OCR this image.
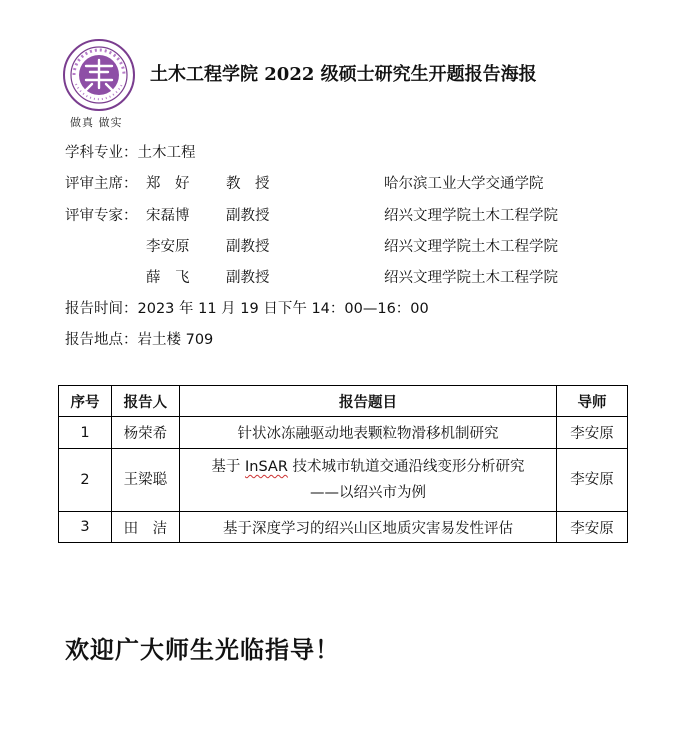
做真 做实
土木工程学院 2022 级硕士研究生开题报告海报
学科专业：土木工程
评审主席： 郑　好	教　授	哈尔滨工业大学交通学院
评审专家： 宋磊博	副教授	绍兴文理学院土木工程学院
李安原	副教授	绍兴文理学院土木工程学院
薛　飞	副教授	绍兴文理学院土木工程学院
报告时间：2023 年 11 月 19 日下午 14：00—16：00
报告地点：岩土楼 709
序号	报告人	报告题目	导师
1	杨荣希	针状冰冻融驱动地表颗粒物滑移机制研究	李安原
2	王梁聪	基于 InSAR 技术城市轨道交通沿线变形分析研究
——以绍兴市为例	李安原
3	田　洁	基于深度学习的绍兴山区地质灾害易发性评估	李安原
欢迎广大师生光临指导！
